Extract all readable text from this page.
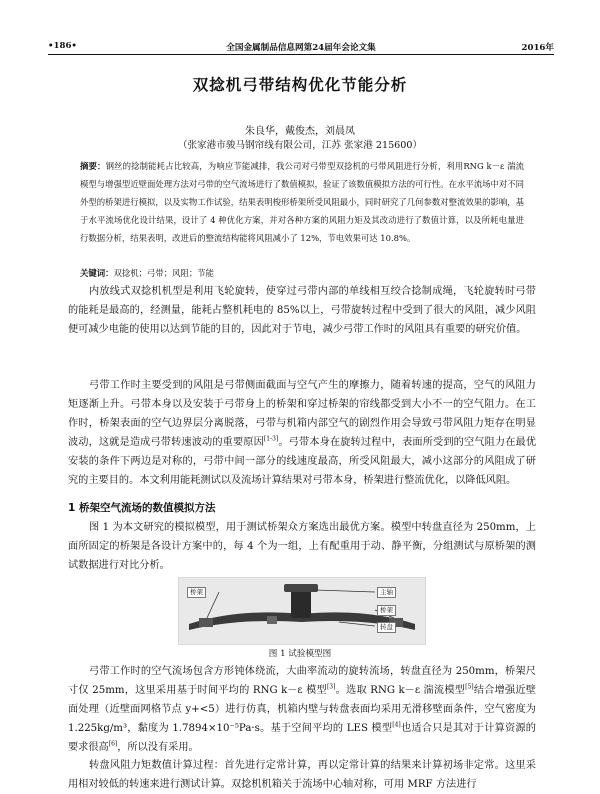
•186•	全国金属制品信息网第24届年会论文集	2016年
双捻机弓带结构优化节能分析
朱良华，戴俊杰，刘晨凤
（张家港市骏马钢帘线有限公司，江苏 张家港 215600）

摘要：钢丝的捻制能耗占比较高，为响应节能减排，我公司对弓带型双捻机的弓带风阻进行分析，利用RNG k－ε 湍流模型与增强型近壁面处理方法对弓带的空气流场进行了数值模拟，验证了该数值模拟方法的可行性。在水平流场中对不同外型的桥架进行模拟，以及实物工作试验，结果表明梭形桥架所受风阻最小，同时研究了几何参数对整流效果的影响，基于水平流场优化设计结果，设计了 4 种优化方案，并对各种方案的风阻力矩及其改动进行了数值计算，以及所耗电量进行数据分析，结果表明，改进后的整流结构能将风阻减小了 12%，节电效果可达 10.8%。

关键词：双捻机；弓带；风阻；节能

内放线式双捻机机型是利用飞轮旋转，使穿过弓带内部的单线相互绞合捻制成绳，飞轮旋转时弓带的能耗是最高的，经测量，能耗占整机耗电的 85%以上，弓带旋转过程中受到了很大的风阻，减少风阻便可减少电能的使用以达到节能的目的，因此对于节电，减少弓带工作时的风阻具有重要的研究价值。

弓带工作时主要受到的风阻是弓带侧面截面与空气产生的摩擦力，随着转速的提高，空气的风阻力矩逐渐上升。弓带本身以及安装于弓带身上的桥架和穿过桥架的帘线都受到大小不一的空气阻力。在工作时，桥架表面的空气边界层分离脱落，弓带与机箱内部空气的剧烈作用会导致弓带风阻力矩存在明显波动，这就是造成弓带转速波动的重要原因[1-3]。弓带本身在旋转过程中，表面所受到的空气阻力在最优安装的条件下两边是对称的，弓带中间一部分的线速度最高，所受风阻最大，减小这部分的风阻成了研究的主要目的。本文利用能耗测试以及流场计算结果对弓带本身，桥架进行整流优化，以降低风阻。

1 桥架空气流场的数值模拟方法

图 1 为本文研究的模拟模型，用于测试桥架众方案选出最优方案。模型中转盘直径为 250mm，上面所固定的桥架是各设计方案中的，每 4 个为一组，上有配重用于动、静平衡，分组测试与原桥架的测试数据进行对比分析。

桥架	主轴
桥架
转盘
图 1 试验模型图

弓带工作时的空气流场包含方形钝体绕流，大曲率流动的旋转流场，转盘直径为 250mm，桥架尺寸仅 25mm，这里采用基于时间平均的 RNG k－ε 模型[3]。选取 RNG k－ε 湍流模型[5]结合增强近壁面处理（近壁面网格节点 y+<5）进行仿真，机箱内壁与转盘表面均采用无滑移壁面条件，空气密度为 1.225kg/m³，黏度为 1.7894×10⁻⁵Pa·s。基于空间平均的 LES 模型[4]也适合只是其对于计算资源的要求很高[6]，所以没有采用。

转盘风阻力矩数值计算过程：首先进行定常计算，再以定常计算的结果来计算初场非定常。这里采用相对较低的转速来进行测试计算。双捻机机箱关于流场中心轴对称，可用 MRF 方法进行
